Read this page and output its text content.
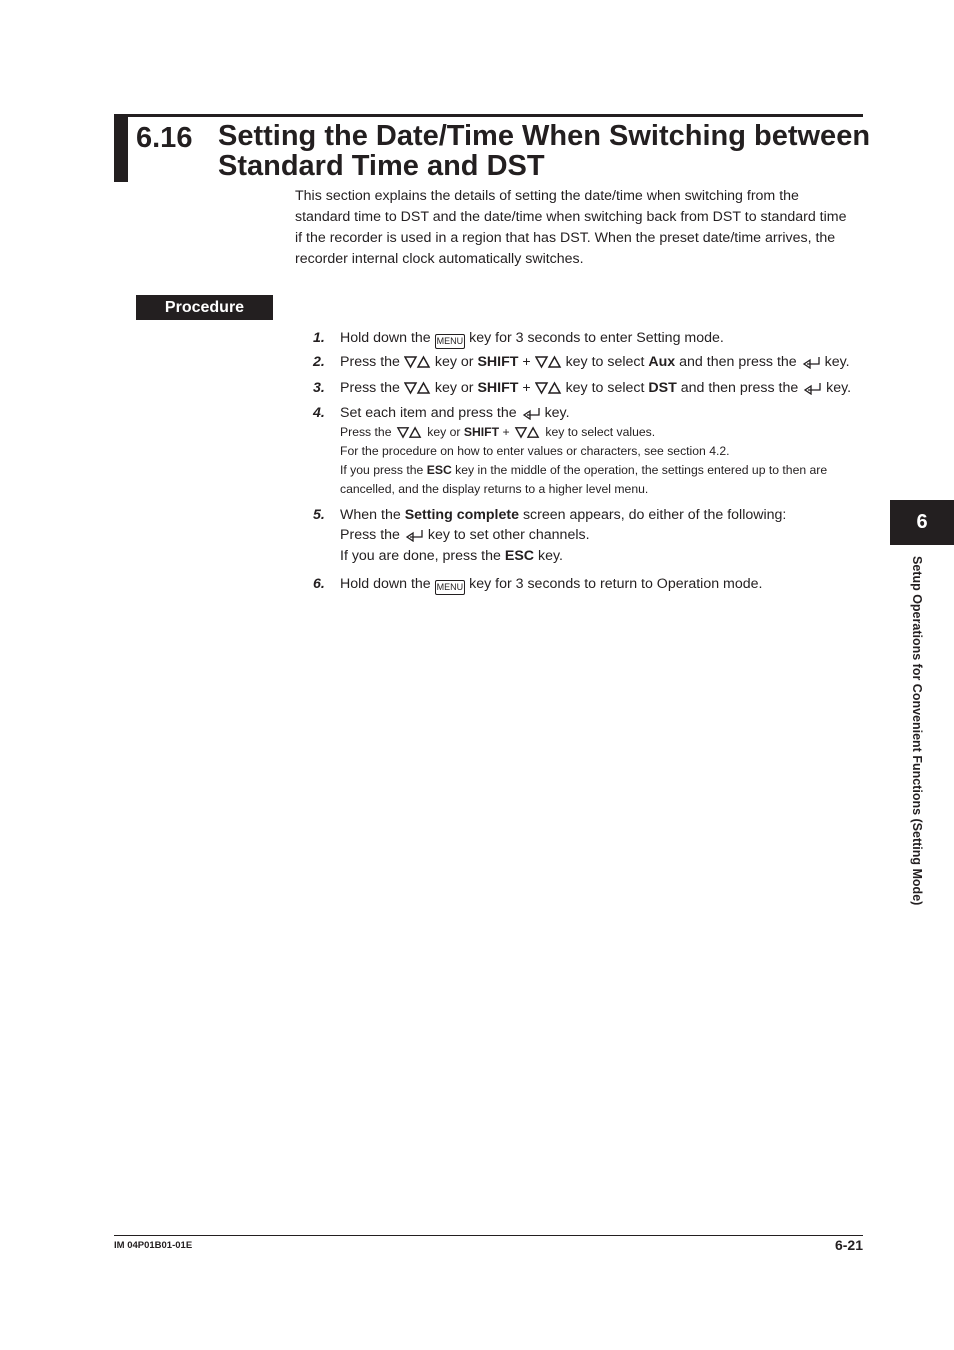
6.16 Setting the Date/Time When Switching between Standard Time and DST
This section explains the details of setting the date/time when switching from the
standard time to DST and the date/time when switching back from DST to standard time
if the recorder is used in a region that has DST. When the preset date/time arrives, the
recorder internal clock automatically switches.
Procedure
1. Hold down the MENU key for 3 seconds to enter Setting mode.
2. Press the key or SHIFT + key to select Aux and then press the key.
3. Press the key or SHIFT + key to select DST and then press the key.
4. Set each item and press the key.
Press the	key or SHIFT +	key to select values.
For the procedure on how to enter values or characters, see section 4.2.
If you press the ESC key in the middle of the operation, the settings entered up to then are
cancelled, and the display returns to a higher level menu.
5. When the Setting complete screen appears, do either of the following:
Press the key to set other channels.
If you are done, press the ESC key.
6. Hold down the MENU key for 3 seconds to return to Operation mode.
6
Setup Operations for Convenient Functions (Setting Mode)
IM 04P01B01-01E	6-21
